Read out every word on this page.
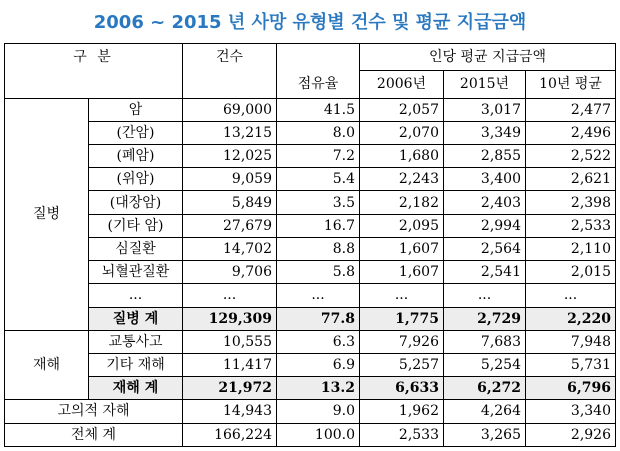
2006 ~ 2015 년 사망 유형별 건수 및 평균 지급금액
구 분		건수		인당 평균 지급금액		
			점유율	2006년	2015년	10년 평균
질병	암	69,000	41.5	2,057	3,017	2,477
	(간암)	13,215	8.0	2,070	3,349	2,496
	(폐암)	12,025	7.2	1,680	2,855	2,522
	(위암)	9,059	5.4	2,243	3,400	2,621
	(대장암)	5,849	3.5	2,182	2,403	2,398
	(기타 암)	27,679	16.7	2,095	2,994	2,533
	심질환	14,702	8.8	1,607	2,564	2,110
	뇌혈관질환	9,706	5.8	1,607	2,541	2,015
	...	...	...	...	...	...
	질병 계	129,309	77.8	1,775	2,729	2,220
재해	교통사고	10,555	6.3	7,926	7,683	7,948
	기타 재해	11,417	6.9	5,257	5,254	5,731
	재해 계	21,972	13.2	6,633	6,272	6,796
고의적 자해		14,943	9.0	1,962	4,264	3,340
전체 계		166,224	100.0	2,533	3,265	2,926
